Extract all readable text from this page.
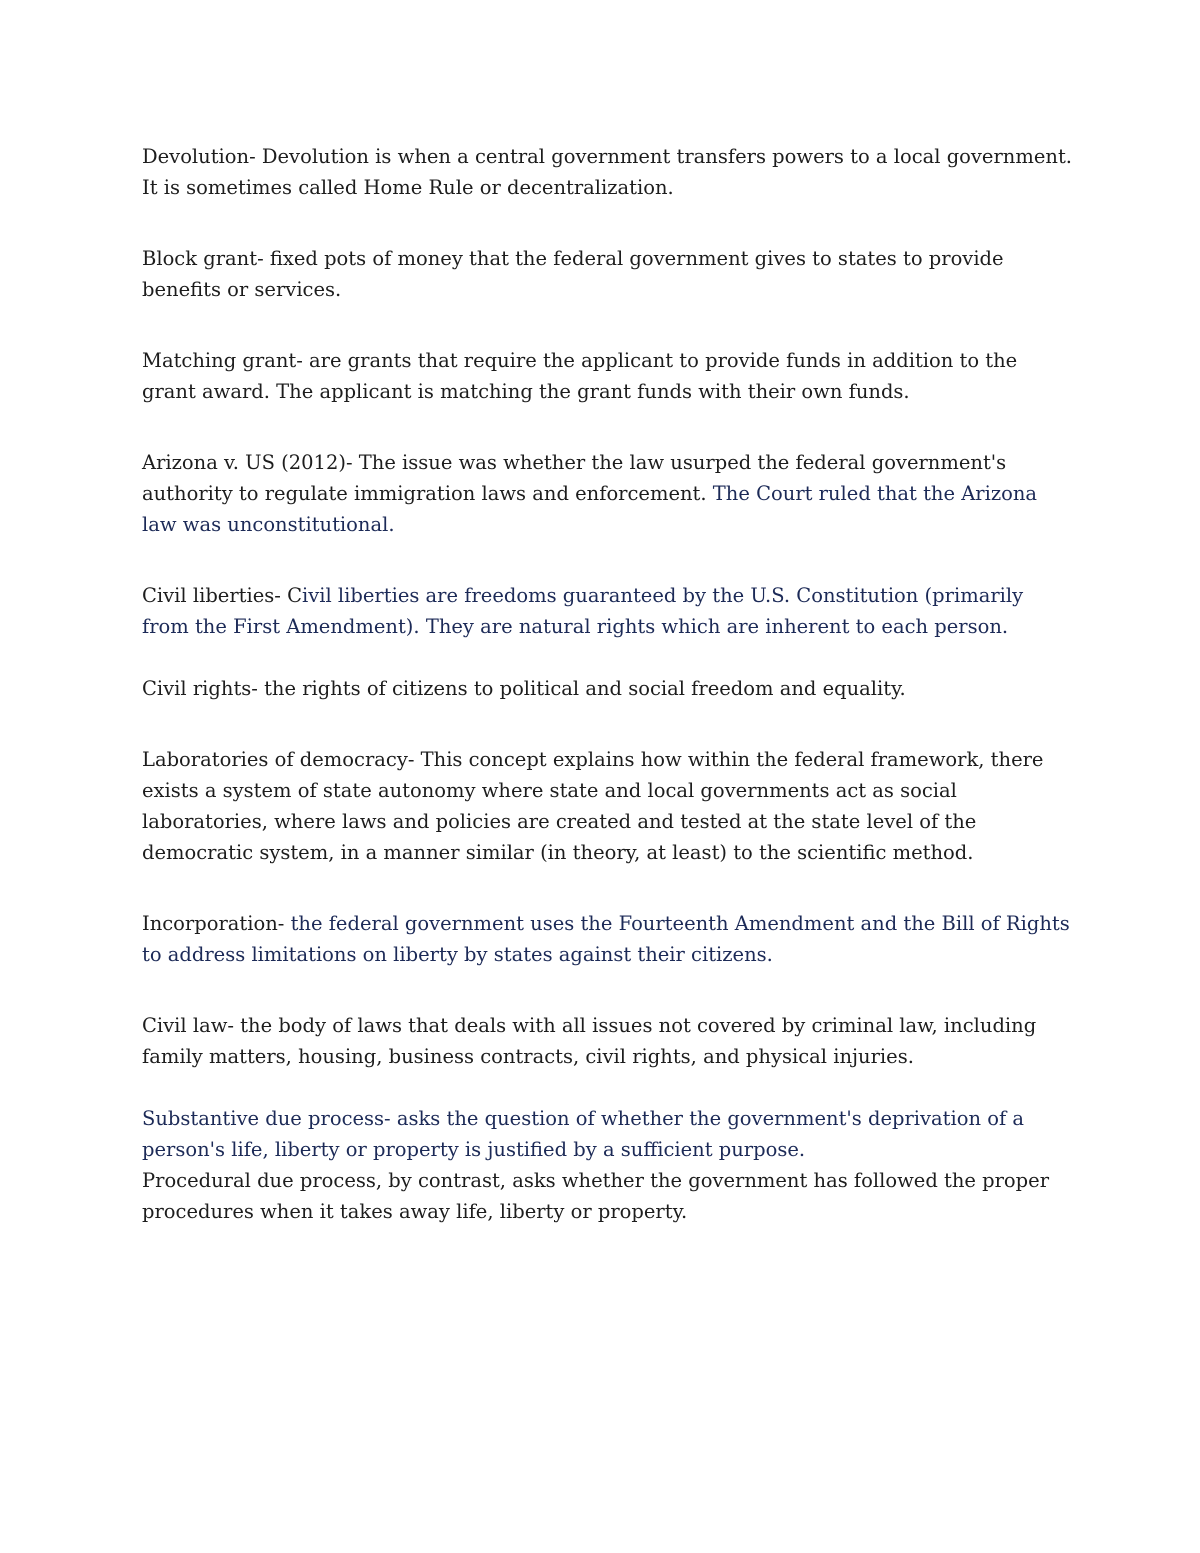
Devolution- Devolution is when a central government transfers powers to a local government. It is sometimes called Home Rule or decentralization.

Block grant- fixed pots of money that the federal government gives to states to provide benefits or services.

Matching grant- are grants that require the applicant to provide funds in addition to the grant award. The applicant is matching the grant funds with their own funds.

Arizona v. US (2012)- The issue was whether the law usurped the federal government's authority to regulate immigration laws and enforcement. The Court ruled that the Arizona law was unconstitutional.

Civil liberties- Civil liberties are freedoms guaranteed by the U.S. Constitution (primarily from the First Amendment). They are natural rights which are inherent to each person.

Civil rights- the rights of citizens to political and social freedom and equality.

Laboratories of democracy- This concept explains how within the federal framework, there exists a system of state autonomy where state and local governments act as social laboratories, where laws and policies are created and tested at the state level of the democratic system, in a manner similar (in theory, at least) to the scientific method.

Incorporation- the federal government uses the Fourteenth Amendment and the Bill of Rights to address limitations on liberty by states against their citizens.

Civil law- the body of laws that deals with all issues not covered by criminal law, including family matters, housing, business contracts, civil rights, and physical injuries.

Substantive due process- asks the question of whether the government's deprivation of a person's life, liberty or property is justified by a sufficient purpose.

Procedural due process, by contrast, asks whether the government has followed the proper procedures when it takes away life, liberty or property.
